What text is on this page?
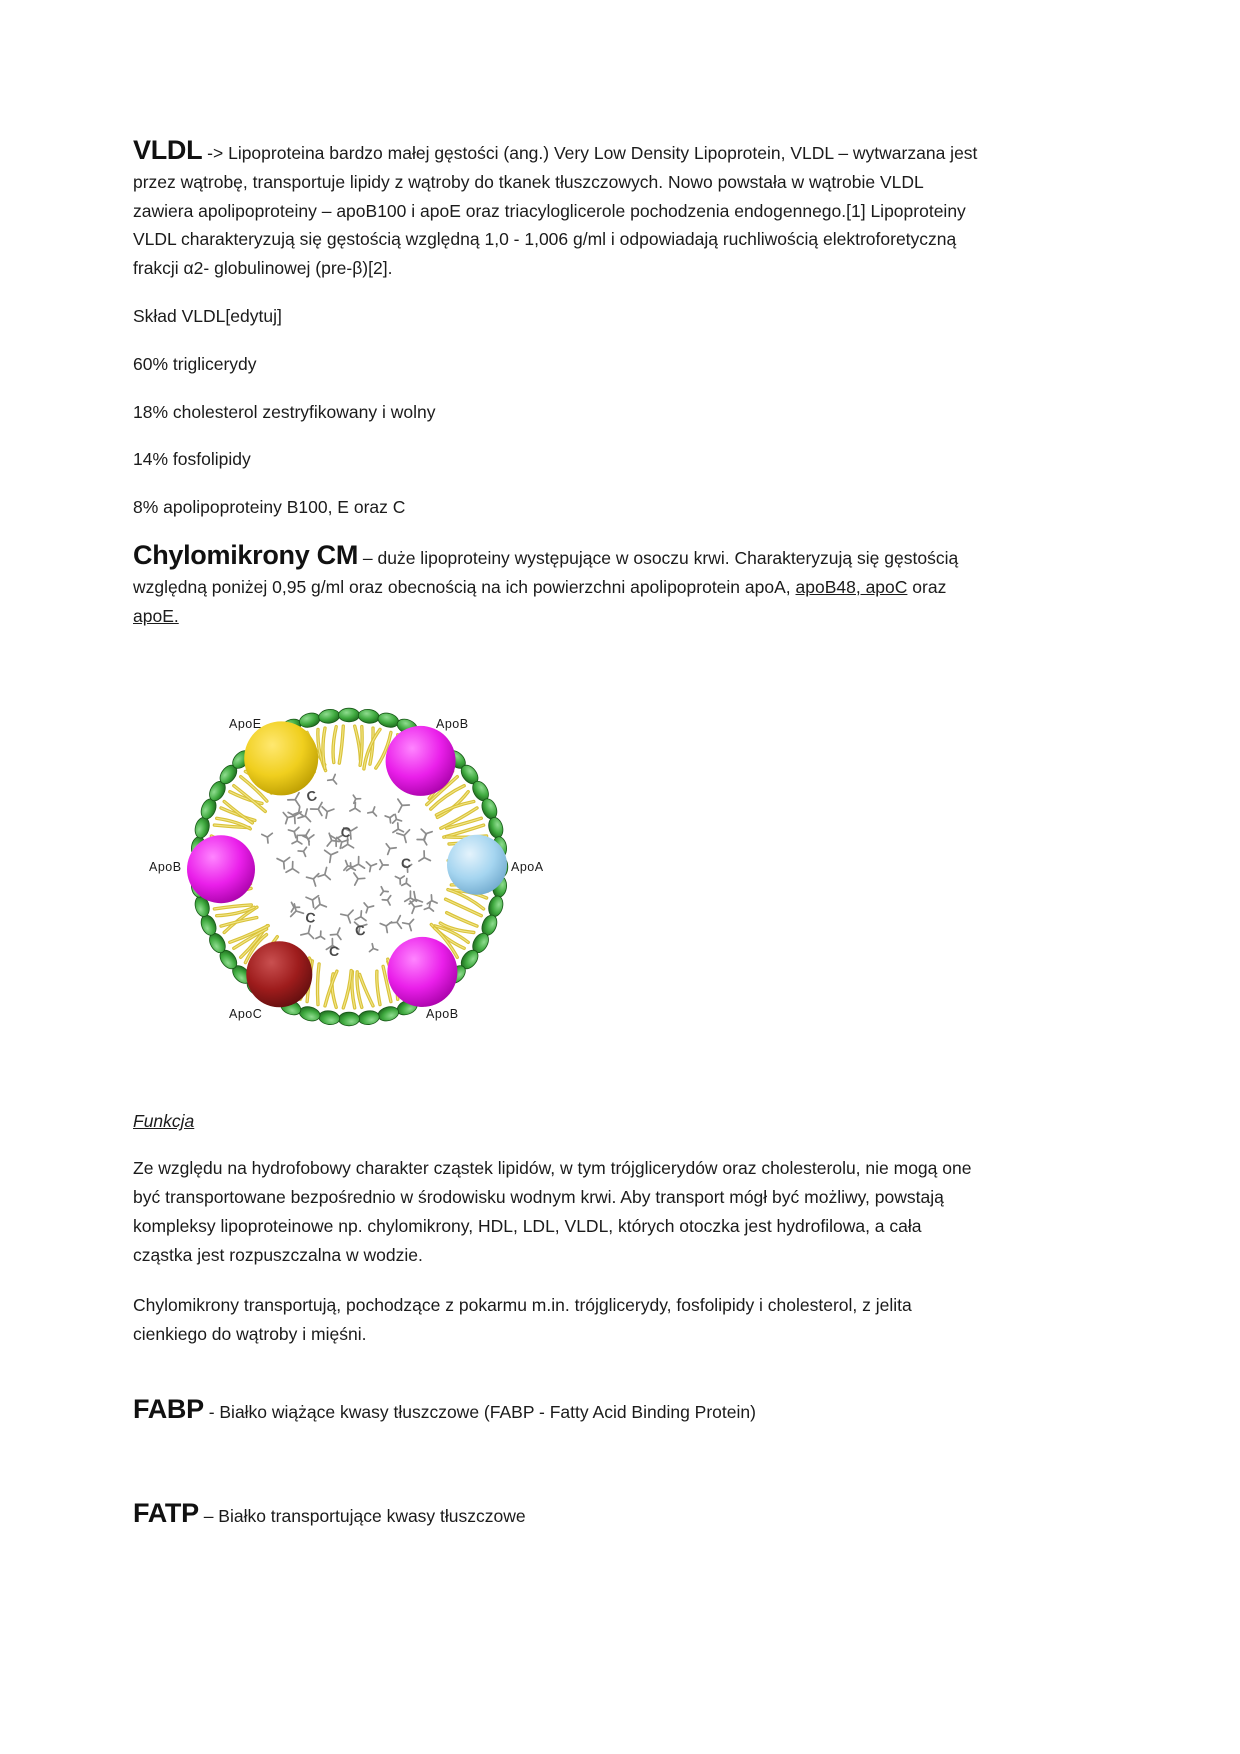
VLDL -> Lipoproteina bardzo małej gęstości (ang.) Very Low Density Lipoprotein, VLDL – wytwarzana jest przez wątrobę, transportuje lipidy z wątroby do tkanek tłuszczowych. Nowo powstała w wątrobie VLDL zawiera apolipoproteiny – apoB100 i apoE oraz triacyloglicerole pochodzenia endogennego.[1] Lipoproteiny VLDL charakteryzują się gęstością względną 1,0 - 1,006 g/ml i odpowiadają ruchliwością elektroforetyczną frakcji α2- globulinowej (pre-β)[2].

Skład VLDL[edytuj]

60% triglicerydy

18% cholesterol zestryfikowany i wolny

14% fosfolipidy

8% apolipoproteiny B100, E oraz C

Chylomikrony CM – duże lipoproteiny występujące w osoczu krwi. Charakteryzują się gęstością względną poniżej 0,95 g/ml oraz obecnością na ich powierzchni apolipoprotein apoA, apoB48, apoC oraz apoE.

C
C
C
C
C
C
ApoE	ApoB
ApoB	ApoA
ApoC	ApoB

Funkcja

Ze względu na hydrofobowy charakter cząstek lipidów, w tym trójglicerydów oraz cholesterolu, nie mogą one być transportowane bezpośrednio w środowisku wodnym krwi. Aby transport mógł być możliwy, powstają kompleksy lipoproteinowe np. chylomikrony, HDL, LDL, VLDL, których otoczka jest hydrofilowa, a cała cząstka jest rozpuszczalna w wodzie.

Chylomikrony transportują, pochodzące z pokarmu m.in. trójglicerydy, fosfolipidy i cholesterol, z jelita cienkiego do wątroby i mięśni.

FABP - Białko wiążące kwasy tłuszczowe (FABP - Fatty Acid Binding Protein)

FATP – Białko transportujące kwasy tłuszczowe
